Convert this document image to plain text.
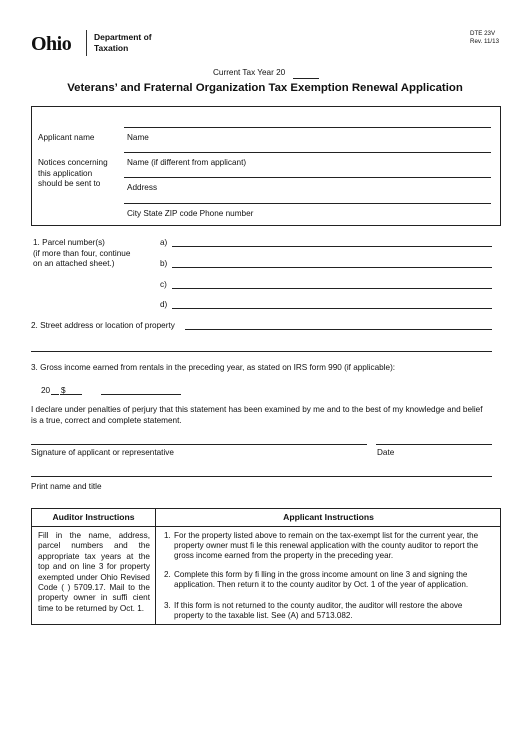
Ohio	Department of
Taxation
DTE 23V
Rev. 11/13
Current Tax Year 20
Veterans’ and Fraternal Organization Tax Exemption Renewal Application
Applicant name	Name
Notices concerning
this application
should be sent to
Name (if different from applicant)
Address
City State ZIP code Phone number
1. Parcel number(s)
(if more than four, continue
on an attached sheet.)
a)
b)
c)
d)
2. Street address or location of property
3. Gross income earned from rentals in the preceding year, as stated on IRS form 990 (if applicable):
20 $
I declare under penalties of perjury that this statement has been examined by me and to the best of my knowledge and belief
is a true, correct and complete statement.
Signature of applicant or representative	Date
Print name and title
Auditor Instructions	Applicant Instructions
Fill in the name, address, parcel numbers and the appropriate tax years at the top and on line 3 for property exempted under Ohio Revised Code ( ) 5709.17. Mail to the property owner in suffi cient time to be returned by Oct. 1.
1. For the property listed above to remain on the tax-exempt list for the current year, the property owner must fi le this renewal application with the county auditor to report the gross income earned from the property in the preceding year.
2. Complete this form by fi lling in the gross income amount on line 3 and signing the application. Then return it to the county auditor by Oct. 1 of the year of application.
3. If this form is not returned to the county auditor, the auditor will restore the above property to the taxable list. See (A) and 5713.082.
